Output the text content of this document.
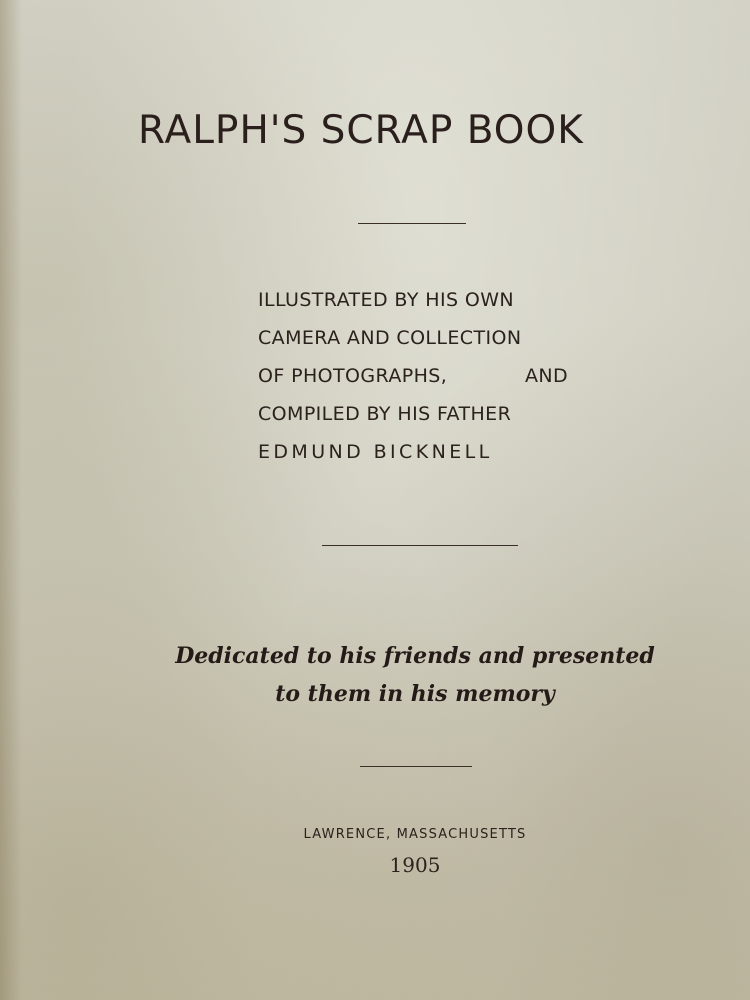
RALPH'S SCRAP BOOK
ILLUSTRATED BY HIS OWN
CAMERA AND COLLECTION
OF PHOTOGRAPHS,	AND
COMPILED BY HIS FATHER
EDMUND BICKNELL
Dedicated to his friends and presented
to them in his memory
LAWRENCE, MASSACHUSETTS
1905
